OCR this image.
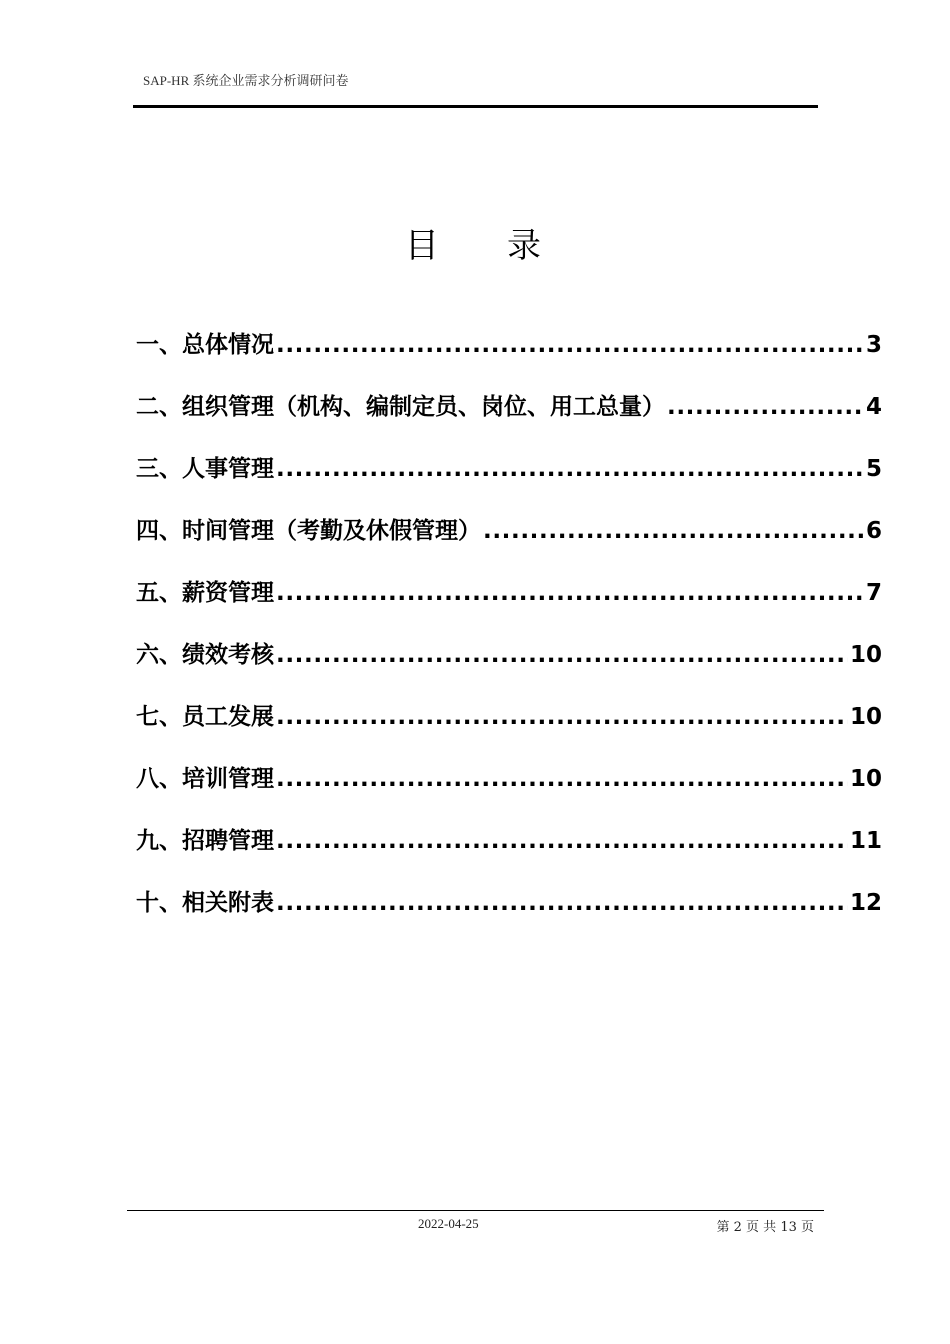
SAP-HR 系统企业需求分析调研问卷
目 录
一、总体情况 .....	3
二、组织管理（机构、编制定员、岗位、用工总量） .....	4
三、人事管理 .....	5
四、时间管理（考勤及休假管理） .....	6
五、薪资管理 .....	7
六、绩效考核 .....	10
七、员工发展 .....	10
八、培训管理 .....	10
九、招聘管理 .....	11
十、相关附表 .....	12
2022-04-25	第 2 页 共 13 页
